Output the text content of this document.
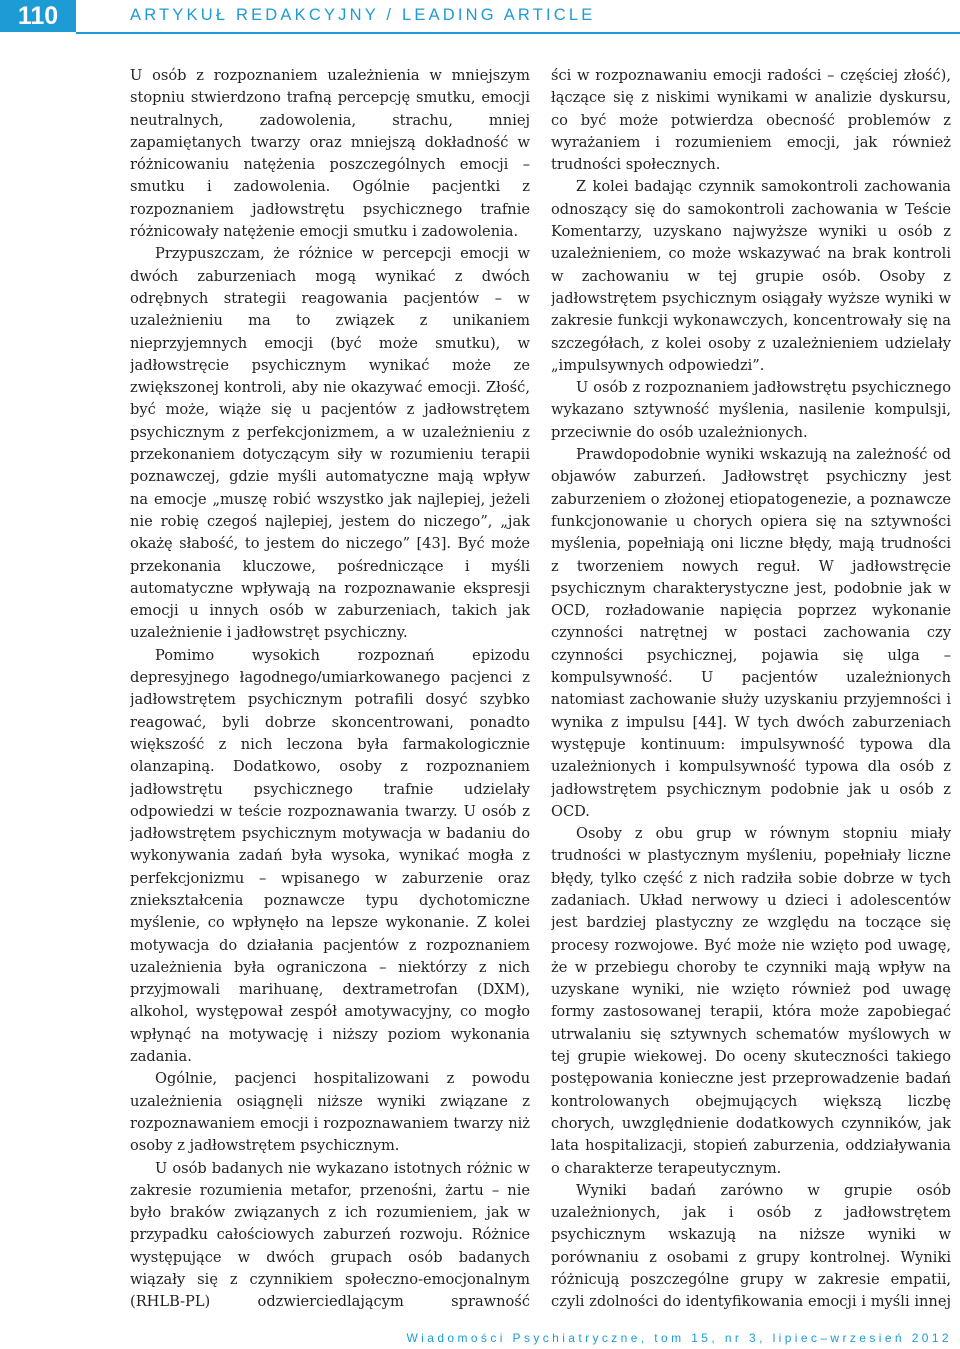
110	ARTYKUŁ REDAKCYJNY / LEADING ARTICLE

U osób z rozpoznaniem uzależnienia w mniejszym stopniu stwierdzono trafną percepcję smutku, emocji neutralnych, zadowolenia, strachu, mniej zapamiętanych twarzy oraz mniejszą dokładność w różnicowaniu natężenia poszczególnych emocji – smutku i zadowolenia. Ogólnie pacjentki z rozpoznaniem jadłowstrętu psychicznego trafnie różnicowały natężenie emocji smutku i zadowolenia.

Przypuszczam, że różnice w percepcji emocji w dwóch zaburzeniach mogą wynikać z dwóch odrębnych strategii reagowania pacjentów – w uzależnieniu ma to związek z unikaniem nieprzyjemnych emocji (być może smutku), w jadłowstręcie psychicznym wynikać może ze zwiększonej kontroli, aby nie okazywać emocji. Złość, być może, wiąże się u pacjentów z jadłowstrętem psychicznym z perfekcjonizmem, a w uzależnieniu z przekonaniem dotyczącym siły w rozumieniu terapii poznawczej, gdzie myśli automatyczne mają wpływ na emocje „muszę robić wszystko jak najlepiej, jeżeli nie robię czegoś najlepiej, jestem do niczego”, „jak okażę słabość, to jestem do niczego” [43]. Być może przekonania kluczowe, pośredniczące i myśli automatyczne wpływają na rozpoznawanie ekspresji emocji u innych osób w zaburzeniach, takich jak uzależnienie i jadłowstręt psychiczny.

Pomimo wysokich rozpoznań epizodu depresyjnego łagodnego/umiarkowanego pacjenci z jadłowstrętem psychicznym potrafili dosyć szybko reagować, byli dobrze skoncentrowani, ponadto większość z nich leczona była farmakologicznie olanzapiną. Dodatkowo, osoby z rozpoznaniem jadłowstrętu psychicznego trafnie udzielały odpowiedzi w teście rozpoznawania twarzy. U osób z jadłowstrętem psychicznym motywacja w badaniu do wykonywania zadań była wysoka, wynikać mogła z perfekcjonizmu – wpisanego w zaburzenie oraz zniekształcenia poznawcze typu dychotomiczne myślenie, co wpłynęło na lepsze wykonanie. Z kolei motywacja do działania pacjentów z rozpoznaniem uzależnienia była ograniczona – niektórzy z nich przyjmowali marihuanę, dextrametrofan (DXM), alkohol, występował zespół amotywacyjny, co mogło wpłynąć na motywację i niższy poziom wykonania zadania.

Ogólnie, pacjenci hospitalizowani z powodu uzależnienia osiągnęli niższe wyniki związane z rozpoznawaniem emocji i rozpoznawaniem twarzy niż osoby z jadłowstrętem psychicznym.

U osób badanych nie wykazano istotnych różnic w zakresie rozumienia metafor, przenośni, żartu – nie było braków związanych z ich rozumieniem, jak w przypadku całościowych zaburzeń rozwoju. Różnice występujące w dwóch grupach osób badanych wiązały się z czynnikiem społeczno-emocjonalnym (RHLB-PL) odzwierciedlającym sprawność

ści w rozpoznawaniu emocji radości – częściej złość), łączące się z niskimi wynikami w analizie dyskursu, co być może potwierdza obecność problemów z wyrażaniem i rozumieniem emocji, jak również trudności społecznych.

Z kolei badając czynnik samokontroli zachowania odnoszący się do samokontroli zachowania w Teście Komentarzy, uzyskano najwyższe wyniki u osób z uzależnieniem, co może wskazywać na brak kontroli w zachowaniu w tej grupie osób. Osoby z jadłowstrętem psychicznym osiągały wyższe wyniki w zakresie funkcji wykonawczych, koncentrowały się na szczegółach, z kolei osoby z uzależnieniem udzielały „impulsywnych odpowiedzi”.

U osób z rozpoznaniem jadłowstrętu psychicznego wykazano sztywność myślenia, nasilenie kompulsji, przeciwnie do osób uzależnionych.

Prawdopodobnie wyniki wskazują na zależność od objawów zaburzeń. Jadłowstręt psychiczny jest zaburzeniem o złożonej etiopatogenezie, a poznawcze funkcjonowanie u chorych opiera się na sztywności myślenia, popełniają oni liczne błędy, mają trudności z tworzeniem nowych reguł. W jadłowstręcie psychicznym charakterystyczne jest, podobnie jak w OCD, rozładowanie napięcia poprzez wykonanie czynności natrętnej w postaci zachowania czy czynności psychicznej, pojawia się ulga – kompulsywność. U pacjentów uzależnionych natomiast zachowanie służy uzyskaniu przyjemności i wynika z impulsu [44]. W tych dwóch zaburzeniach występuje kontinuum: impulsywność typowa dla uzależnionych i kompulsywność typowa dla osób z jadłowstrętem psychicznym podobnie jak u osób z OCD.

Osoby z obu grup w równym stopniu miały trudności w plastycznym myśleniu, popełniały liczne błędy, tylko część z nich radziła sobie dobrze w tych zadaniach. Układ nerwowy u dzieci i adolescentów jest bardziej plastyczny ze względu na toczące się procesy rozwojowe. Być może nie wzięto pod uwagę, że w przebiegu choroby te czynniki mają wpływ na uzyskane wyniki, nie wzięto również pod uwagę formy zastosowanej terapii, która może zapobiegać utrwalaniu się sztywnych schematów myślowych w tej grupie wiekowej. Do oceny skuteczności takiego postępowania konieczne jest przeprowadzenie badań kontrolowanych obejmujących większą liczbę chorych, uwzględnienie dodatkowych czynników, jak lata hospitalizacji, stopień zaburzenia, oddziaływania o charakterze terapeutycznym.

Wyniki badań zarówno w grupie osób uzależnionych, jak i osób z jadłowstrętem psychicznym wskazują na niższe wyniki w porównaniu z osobami z grupy kontrolnej. Wyniki różnicują poszczególne grupy w zakresie empatii, czyli zdolności do identyfikowania emocji i myśli innej

Wiadomości Psychiatryczne, tom 15, nr 3, lipiec–wrzesień 2012
